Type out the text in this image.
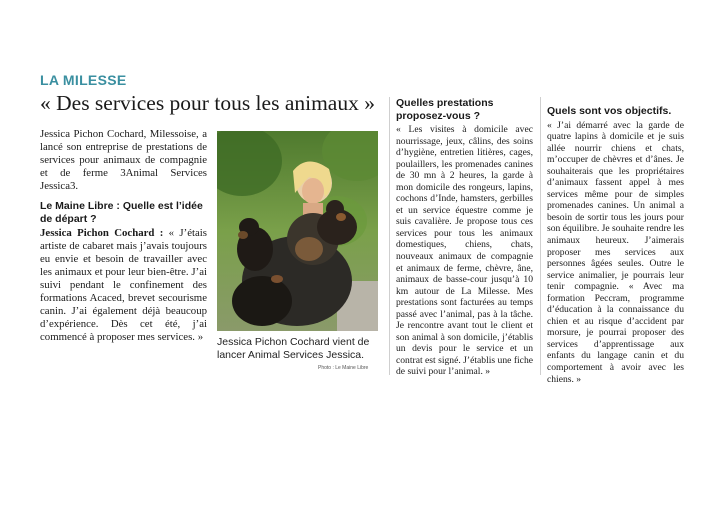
LA MILESSE
« Des services pour tous les animaux »

Jessica Pichon Cochard, Milessoise, a lancé son entreprise de prestations de services pour animaux de compagnie et de ferme 3Animal Services Jessica3.

Le Maine Libre : Quelle est l’idée de départ ?

Jessica Pichon Cochard : « J’étais artiste de cabaret mais j’avais toujours eu envie et besoin de travailler avec les animaux et pour leur bien-être. J’ai suivi pendant le confinement des formations Acaced, brevet secourisme canin. J’ai également déjà beaucoup d’expérience. Dès cet été, j’ai commencé à proposer mes services. »	Jessica Pichon Cochard vient de lancer Animal Services Jessica.
Photo : Le Maine Libre

Quelles prestations proposez-vous ?

« Les visites à domicile avec nourrissage, jeux, câlins, des soins d’hygiène, entretien litières, cages, poulaillers, les promenades canines de 30 mn à 2 heures, la garde à mon domicile des rongeurs, lapins, cochons d’Inde, hamsters, gerbilles et un service équestre comme je suis cavalière. Je propose tous ces services pour tous les animaux domestiques, chiens, chats, nouveaux animaux de compagnie et animaux de ferme, chèvre, âne, animaux de basse-cour jusqu’à 10 km autour de La Milesse. Mes prestations sont facturées au temps passé avec l’animal, pas à la tâche. Je rencontre avant tout le client et son animal à son domicile, j’établis un devis pour le service et un contrat est signé. J’établis une fiche de suivi pour l’animal. »

Quels sont vos objectifs.

« J’ai démarré avec la garde de quatre lapins à domicile et je suis allée nourrir chiens et chats, m’occuper de chèvres et d’ânes. Je souhaiterais que les propriétaires d’animaux fassent appel à mes services même pour de simples promenades canines. Un animal a besoin de sortir tous les jours pour son équilibre. Je souhaite rendre les animaux heureux. J’aimerais proposer mes services aux personnes âgées seules. Outre le service animalier, je pourrais leur tenir compagnie. « Avec ma formation Peccram, programme d’éducation à la connaissance du chien et au risque d’accident par morsure, je pourrai proposer des services d’apprentissage aux enfants du langage canin et du comportement à avoir avec les chiens. »
